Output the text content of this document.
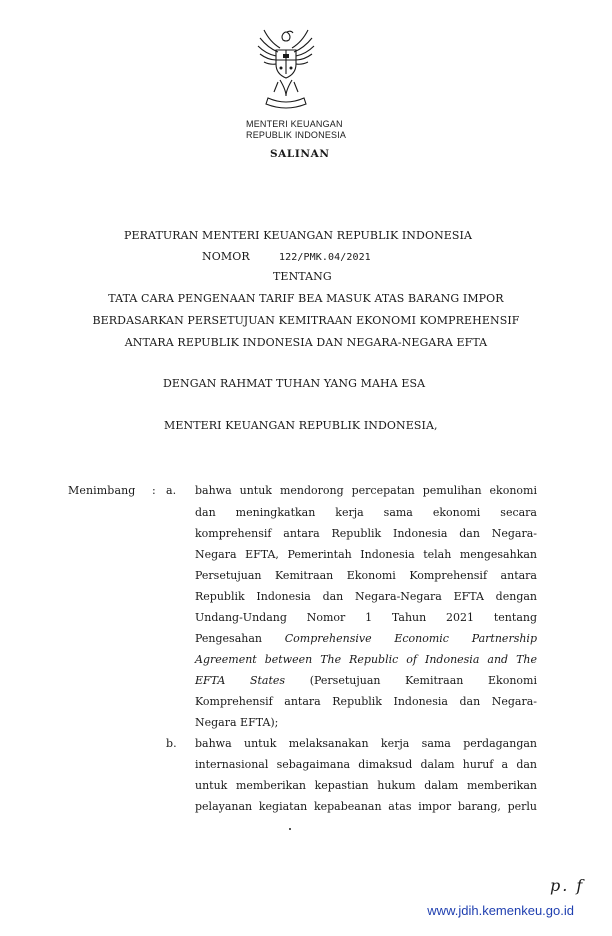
MENTERI KEUANGAN
REPUBLIK INDONESIA
SALINAN
PERATURAN MENTERI KEUANGAN REPUBLIK INDONESIA
NOMOR	122/PMK.04/2021
TENTANG
TATA CARA PENGENAAN TARIF BEA MASUK ATAS BARANG IMPOR
BERDASARKAN PERSETUJUAN KEMITRAAN EKONOMI KOMPREHENSIF
ANTARA REPUBLIK INDONESIA DAN NEGARA-NEGARA EFTA
DENGAN RAHMAT TUHAN YANG MAHA ESA
MENTERI KEUANGAN REPUBLIK INDONESIA,
Menimbang : a. bahwa untuk mendorong percepatan pemulihan ekonomi
dan meningkatkan kerja sama ekonomi secara
komprehensif antara Republik Indonesia dan Negara-
Negara EFTA, Pemerintah Indonesia telah mengesahkan
Persetujuan Kemitraan Ekonomi Komprehensif antara
Republik Indonesia dan Negara-Negara EFTA dengan
Undang-Undang Nomor 1 Tahun 2021 tentang
Pengesahan Comprehensive Economic Partnership
Agreement between The Republic of Indonesia and The
EFTA States (Persetujuan Kemitraan Ekonomi
Komprehensif antara Republik Indonesia dan Negara-
Negara EFTA);
b. bahwa untuk melaksanakan kerja sama perdagangan
internasional sebagaimana dimaksud dalam huruf a dan
untuk memberikan kepastian hukum dalam memberikan
pelayanan kegiatan kepabeanan atas impor barang, perlu
p. f
www.jdih.kemenkeu.go.id
